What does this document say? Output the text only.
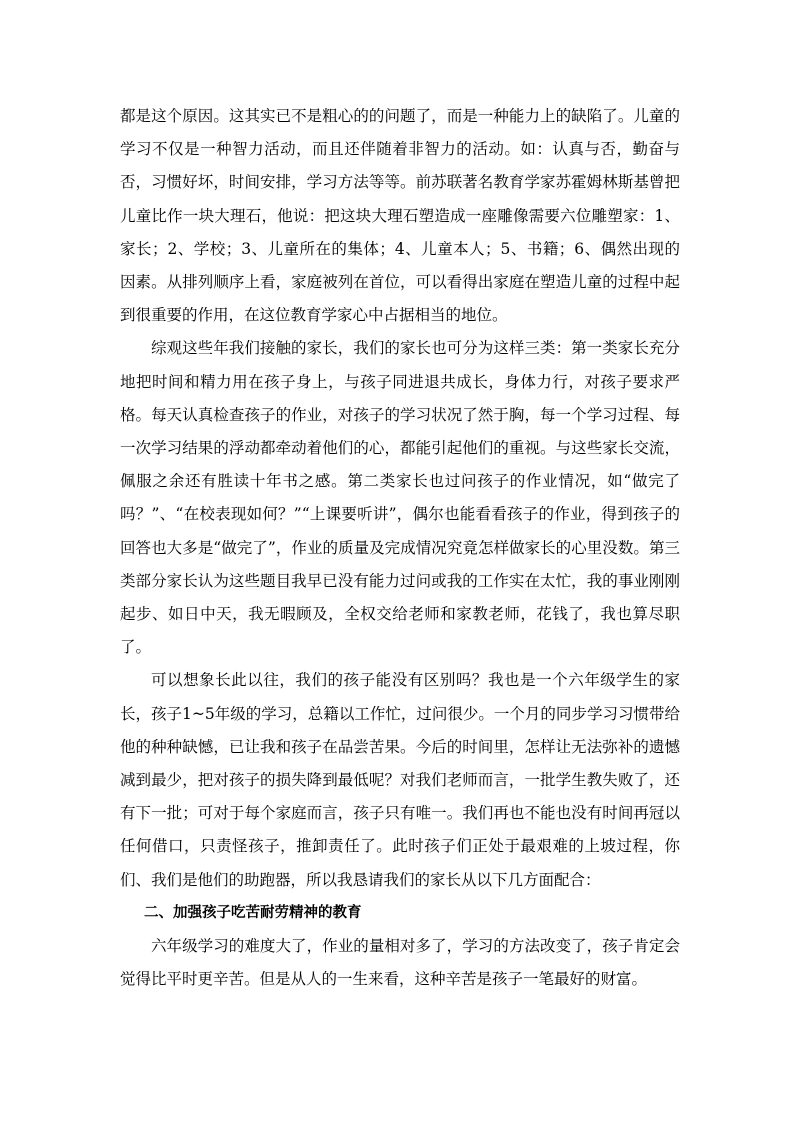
都是这个原因。这其实已不是粗心的的问题了，而是一种能力上的缺陷了。儿童的学习不仅是一种智力活动，而且还伴随着非智力的活动。如：认真与否，勤奋与否，习惯好坏，时间安排，学习方法等等。前苏联著名教育学家苏霍姆林斯基曾把儿童比作一块大理石，他说：把这块大理石塑造成一座雕像需要六位雕塑家：1、家长；2、学校；3、儿童所在的集体；4、儿童本人；5、书籍；6、偶然出现的因素。从排列顺序上看，家庭被列在首位，可以看得出家庭在塑造儿童的过程中起到很重要的作用，在这位教育学家心中占据相当的地位。

综观这些年我们接触的家长，我们的家长也可分为这样三类：第一类家长充分地把时间和精力用在孩子身上，与孩子同进退共成长，身体力行，对孩子要求严格。每天认真检查孩子的作业，对孩子的学习状况了然于胸，每一个学习过程、每一次学习结果的浮动都牵动着他们的心，都能引起他们的重视。与这些家长交流，佩服之余还有胜读十年书之感。第二类家长也过问孩子的作业情况，如“做完了吗？”、“在校表现如何？”“上课要听讲”，偶尔也能看看孩子的作业，得到孩子的回答也大多是“做完了”，作业的质量及完成情况究竟怎样做家长的心里没数。第三类部分家长认为这些题目我早已没有能力过问或我的工作实在太忙，我的事业刚刚起步、如日中天，我无暇顾及，全权交给老师和家教老师，花钱了，我也算尽职了。

可以想象长此以往，我们的孩子能没有区别吗？我也是一个六年级学生的家长，孩子1~5年级的学习，总籍以工作忙，过问很少。一个月的同步学习习惯带给他的种种缺憾，已让我和孩子在品尝苦果。今后的时间里，怎样让无法弥补的遗憾减到最少，把对孩子的损失降到最低呢？对我们老师而言，一批学生教失败了，还有下一批；可对于每个家庭而言，孩子只有唯一。我们再也不能也没有时间再冠以任何借口，只责怪孩子，推卸责任了。此时孩子们正处于最艰难的上坡过程，你们、我们是他们的助跑器，所以我恳请我们的家长从以下几方面配合：

二、加强孩子吃苦耐劳精神的教育

六年级学习的难度大了，作业的量相对多了，学习的方法改变了，孩子肯定会觉得比平时更辛苦。但是从人的一生来看，这种辛苦是孩子一笔最好的财富。
